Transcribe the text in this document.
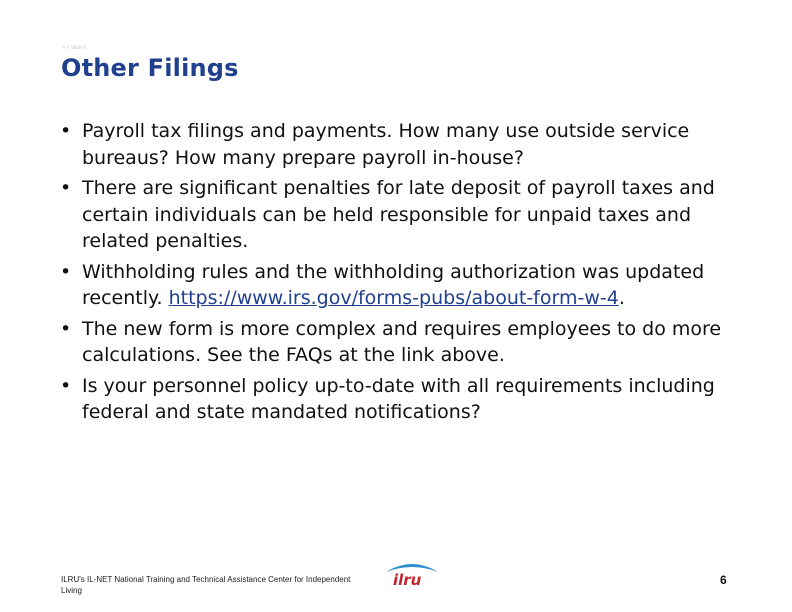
> > Slide 6
Other Filings
• Payroll tax filings and payments. How many use outside service bureaus? How many prepare payroll in-house?
• There are significant penalties for late deposit of payroll taxes and certain individuals can be held responsible for unpaid taxes and related penalties.
• Withholding rules and the withholding authorization was updated recently. https://www.irs.gov/forms-pubs/about-form-w-4.
• The new form is more complex and requires employees to do more calculations. See the FAQs at the link above.
• Is your personnel policy up-to-date with all requirements including federal and state mandated notifications?
ILRU's IL-NET National Training and Technical Assistance Center for Independent Living
ilru	6
